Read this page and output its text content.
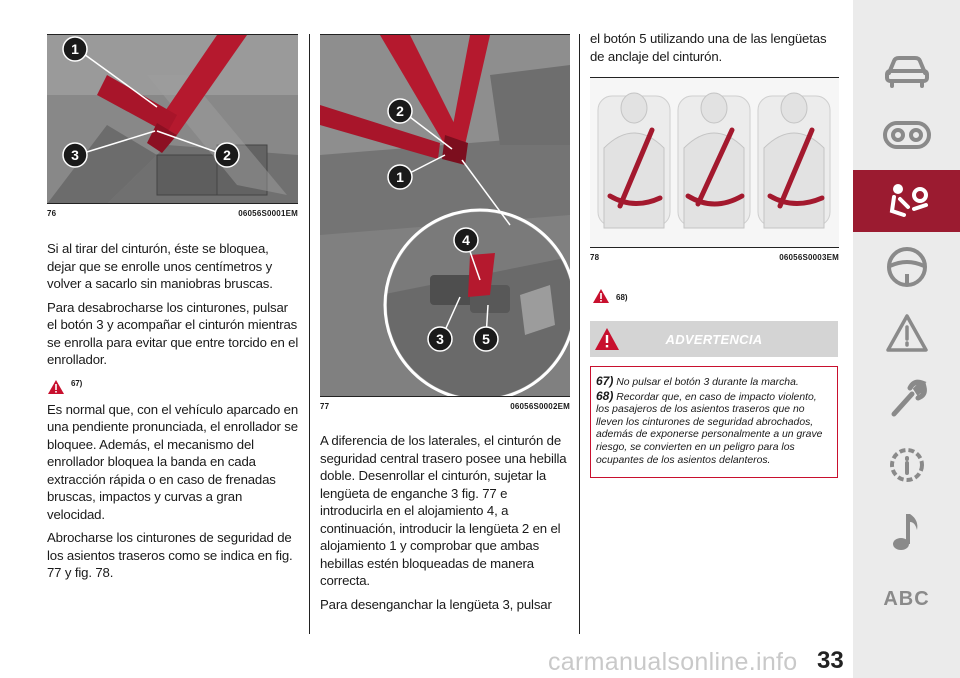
1
3	2
76	06056S0001EM

Si al tirar del cinturón, éste se bloquea, dejar que se enrolle unos centímetros y volver a sacarlo sin maniobras bruscas.

Para desabrocharse los cinturones, pulsar el botón 3 y acompañar el cinturón mientras se enrolla para evitar que entre torcido en el enrollador.

67)

Es normal que, con el vehículo aparcado en una pendiente pronunciada, el enrollador se bloquee. Además, el mecanismo del enrollador bloquea la banda en cada extracción rápida o en caso de frenadas bruscas, impactos y curvas a gran velocidad.

Abrocharse los cinturones de seguridad de los asientos traseros como se indica en fig. 77 y fig. 78.

2
1
4
3	5
77	06056S0002EM

A diferencia de los laterales, el cinturón de seguridad central trasero posee una hebilla doble. Desenrollar el cinturón, sujetar la lengüeta de enganche 3 fig. 77 e introducirla en el alojamiento 4, a continuación, introducir la lengüeta 2 en el alojamiento 1 y comprobar que ambas hebillas estén bloqueadas de manera correcta.

Para desenganchar la lengüeta 3, pulsar

el botón 5 utilizando una de las lengüetas de anclaje del cinturón.

78	06056S0003EM
68)
ADVERTENCIA

67) No pulsar el botón 3 durante la marcha.

68) Recordar que, en caso de impacto violento, los pasajeros de los asientos traseros que no lleven los cinturones de seguridad abrochados, además de exponerse personalmente a un grave riesgo, se convierten en un peligro para los ocupantes de los asientos delanteros.

ABC
carmanualsonline.info 33
